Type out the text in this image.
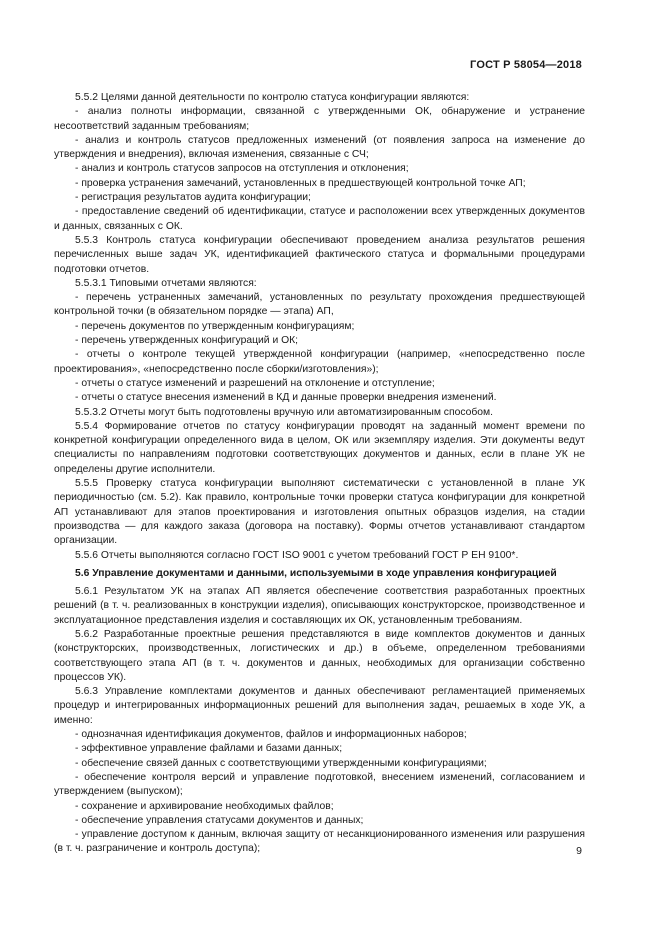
ГОСТ Р 58054—2018

5.5.2 Целями данной деятельности по контролю статуса конфигурации являются:

- анализ полноты информации, связанной с утвержденными ОК, обнаружение и устранение несоответствий заданным требованиям;

- анализ и контроль статусов предложенных изменений (от появления запроса на изменение до утверждения и внедрения), включая изменения, связанные с СЧ;

- анализ и контроль статусов запросов на отступления и отклонения;

- проверка устранения замечаний, установленных в предшествующей контрольной точке АП;

- регистрация результатов аудита конфигурации;

- предоставление сведений об идентификации, статусе и расположении всех утвержденных документов и данных, связанных с ОК.

5.5.3 Контроль статуса конфигурации обеспечивают проведением анализа результатов решения перечисленных выше задач УК, идентификацией фактического статуса и формальными процедурами подготовки отчетов.

5.5.3.1 Типовыми отчетами являются:

- перечень устраненных замечаний, установленных по результату прохождения предшествующей контрольной точки (в обязательном порядке — этапа) АП,

- перечень документов по утвержденным конфигурациям;

- перечень утвержденных конфигураций и ОК;

- отчеты о контроле текущей утвержденной конфигурации (например, «непосредственно после проектирования», «непосредственно после сборки/изготовления»);

- отчеты о статусе изменений и разрешений на отклонение и отступление;

- отчеты о статусе внесения изменений в КД и данные проверки внедрения изменений.

5.5.3.2 Отчеты могут быть подготовлены вручную или автоматизированным способом.

5.5.4 Формирование отчетов по статусу конфигурации проводят на заданный момент времени по конкретной конфигурации определенного вида в целом, ОК или экземпляру изделия. Эти документы ведут специалисты по направлениям подготовки соответствующих документов и данных, если в плане УК не определены другие исполнители.

5.5.5 Проверку статуса конфигурации выполняют систематически с установленной в плане УК периодичностью (см. 5.2). Как правило, контрольные точки проверки статуса конфигурации для конкретной АП устанавливают для этапов проектирования и изготовления опытных образцов изделия, на стадии производства — для каждого заказа (договора на поставку). Формы отчетов устанавливают стандартом организации.

5.5.6 Отчеты выполняются согласно ГОСТ ISO 9001 с учетом требований ГОСТ Р ЕН 9100*.

5.6 Управление документами и данными, используемыми в ходе управления конфигурацией

5.6.1 Результатом УК на этапах АП является обеспечение соответствия разработанных проектных решений (в т. ч. реализованных в конструкции изделия), описывающих конструкторское, производственное и эксплуатационное представления изделия и составляющих их ОК, установленным требованиям.

5.6.2 Разработанные проектные решения представляются в виде комплектов документов и данных (конструкторских, производственных, логистических и др.) в объеме, определенном требованиями соответствующего этапа АП (в т. ч. документов и данных, необходимых для организации собственно процессов УК).

5.6.3 Управление комплектами документов и данных обеспечивают регламентацией применяемых процедур и интегрированных информационных решений для выполнения задач, решаемых в ходе УК, а именно:

- однозначная идентификация документов, файлов и информационных наборов;

- эффективное управление файлами и базами данных;

- обеспечение связей данных с соответствующими утвержденными конфигурациями;

- обеспечение контроля версий и управление подготовкой, внесением изменений, согласованием и утверждением (выпуском);

- сохранение и архивирование необходимых файлов;

- обеспечение управления статусами документов и данных;

- управление доступом к данным, включая защиту от несанкционированного изменения или разрушения (в т. ч. разграничение и контроль доступа);	9
